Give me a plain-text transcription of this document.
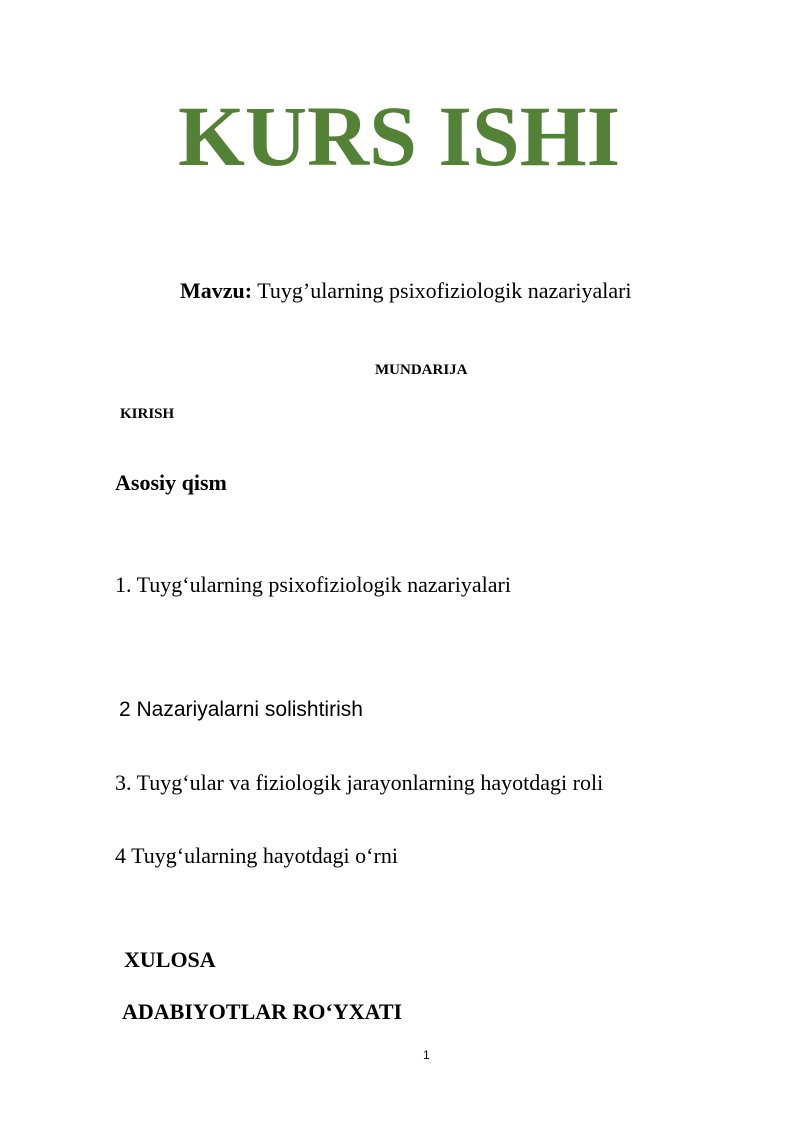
KURS ISHI
Mavzu: Tuyg’ularning psixofiziologik nazariyalari
MUNDARIJA
KIRISH
Asosiy qism
1. Tuyg‘ularning psixofiziologik nazariyalari
2 Nazariyalarni solishtirish
3. Tuyg‘ular va fiziologik jarayonlarning hayotdagi roli
4 Tuyg‘ularning hayotdagi o‘rni
XULOSA
ADABIYOTLAR RO‘YXATI
1
